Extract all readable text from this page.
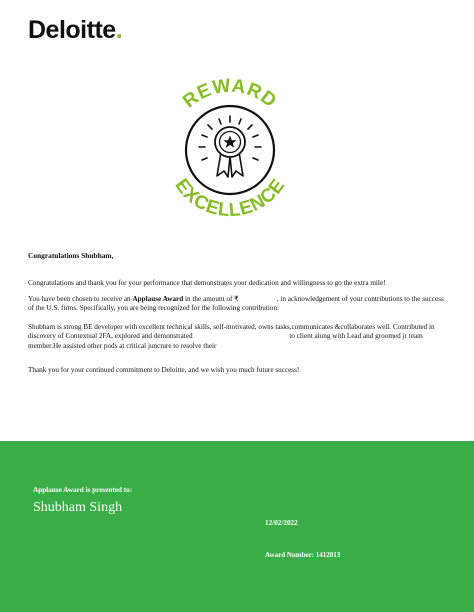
Deloitte.
REWARD
EXCELLENCE
Congratulations Shubham,
Congratulations and thank you for your performance that demonstrates your dedication and willingness to go the extra mile!
You have been chosen to receive an Applause Award in the amount of ₹	, in acknowledgement of your contributions to the success of the U.S. firms. Specifically, you are being recognized for the following contribution:
Shubham is strong BE developer with excellent technical skills, self-motivated, owns tasks,communicates &collaborates well. Contributed in discovery of Contextual 2FA, explored and demonstrated	to client along with Lead and groomed jr team member.He assisted other pods at critical juncture to resolve their
Thank you for your continued commitment to Deloitte, and we wish you much future success!
Applause Award is presented to:
Shubham Singh
12/02/2022
Award Number: 1412013
